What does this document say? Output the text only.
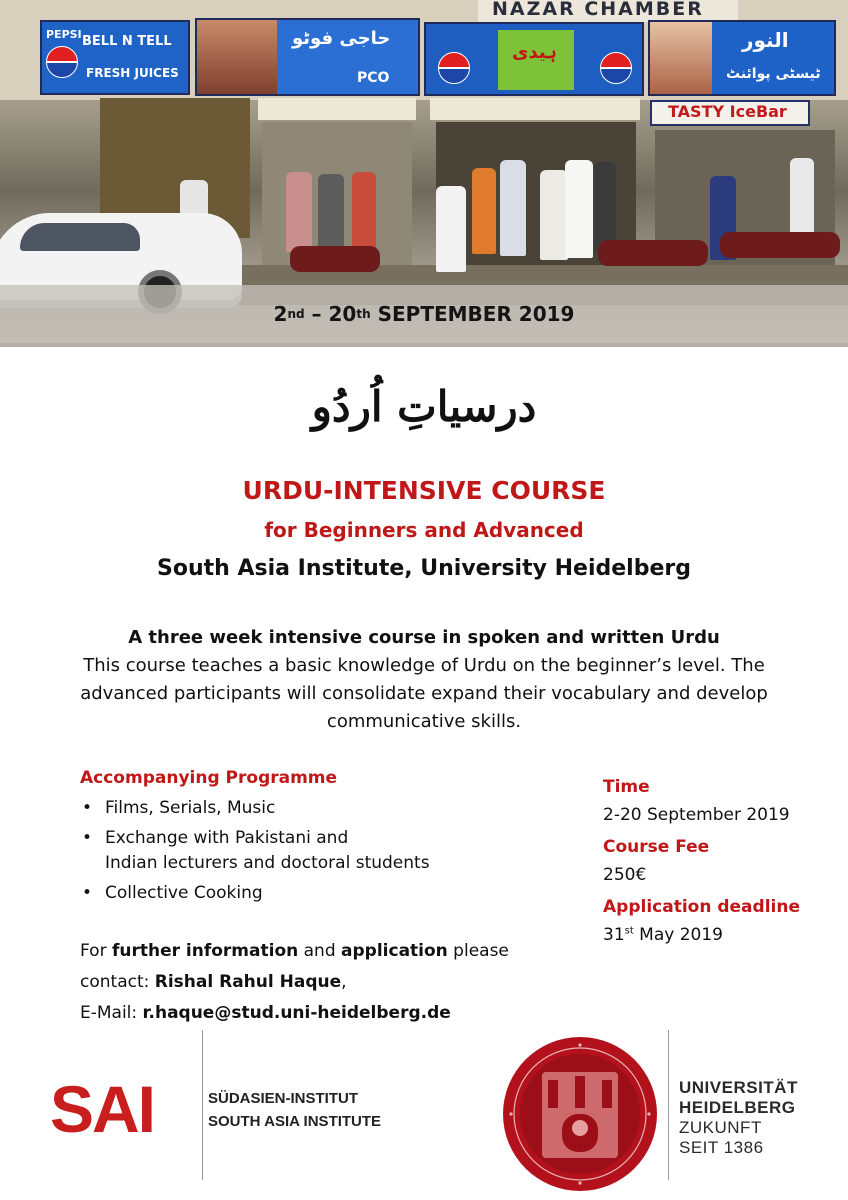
PEPSI BELL N TELL
FRESH JUICES
حاجی فوٹو
PCO
NAZAR CHAMBER
ہیدی
النور
ٹیسٹی پوائنٹ
TASTY IceBar
2 nd – 20 th SEPTEMBER 2019
درسیاتِ اُردُو
URDU-INTENSIVE COURSE
for Beginners and Advanced
South Asia Institute, University Heidelberg
A three week intensive course in spoken and written Urdu
This course teaches a basic knowledge of Urdu on the beginner’s level. The advanced participants will consolidate expand their vocabulary and develop communicative skills.
Accompanying Programme
• Films, Serials, Music
• Exchange with Pakistani and
Indian lecturers and doctoral students
• Collective Cooking
For further information and application please
contact: Rishal Rahul Haque,
E-Mail: r.haque@stud.uni-heidelberg.de
Time
2-20 September 2019
Course Fee
250€
Application deadline
31st May 2019
SAI	SÜDASIEN-INSTITUT
SOUTH ASIA INSTITUTE
UNIVERSITÄT
HEIDELBERG
ZUKUNFT
SEIT 1386
